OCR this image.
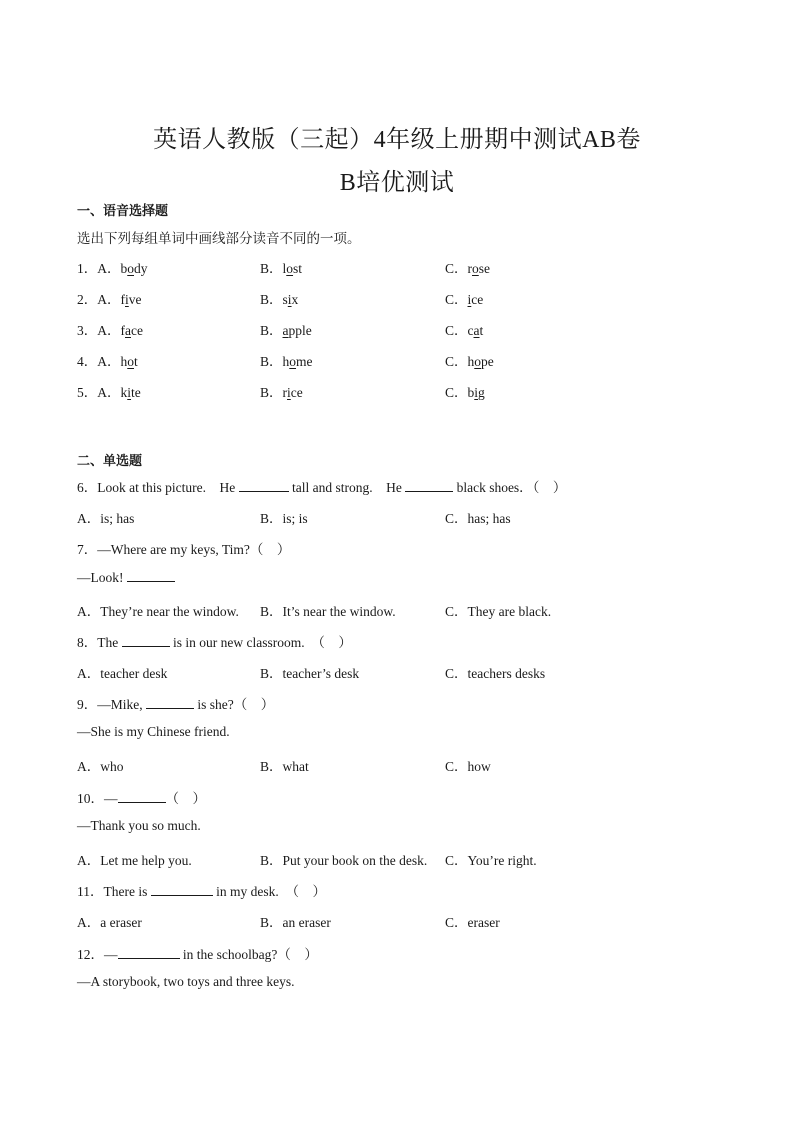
英语人教版（三起）4年级上册期中测试AB卷
B培优测试
一、语音选择题
选出下列每组单词中画线部分读音不同的一项。
1．A．body	B．lost	C．rose
2．A．five	B．six	C．ice
3．A．face	B．apple	C．cat
4．A．hot	B．home	C．hope
5．A．kite	B．rice	C．big
二、单选题
6．Look at this picture.　He	tall and strong.　He	black shoes．（　）
A．is; has	B．is; is	C．has; has
7．—Where are my keys, Tim?（　）
—Look!
A．They’re near the window. B．It’s near the window.	C．They are black.
8．The	is in our new classroom.　（　）
A．teacher desk	B．teacher’s desk	C．teachers desks
9．—Mike,	is she?（　）
—She is my Chinese friend.
A．who	B．what	C．how
10．—	（　）
—Thank you so much.
A．Let me help you.	B．Put your book on the desk. C．You’re right.
11．There is	in my desk.　（　）
A．a eraser	B．an eraser	C．eraser
12．—	in the schoolbag?（　）
—A storybook, two toys and three keys.
